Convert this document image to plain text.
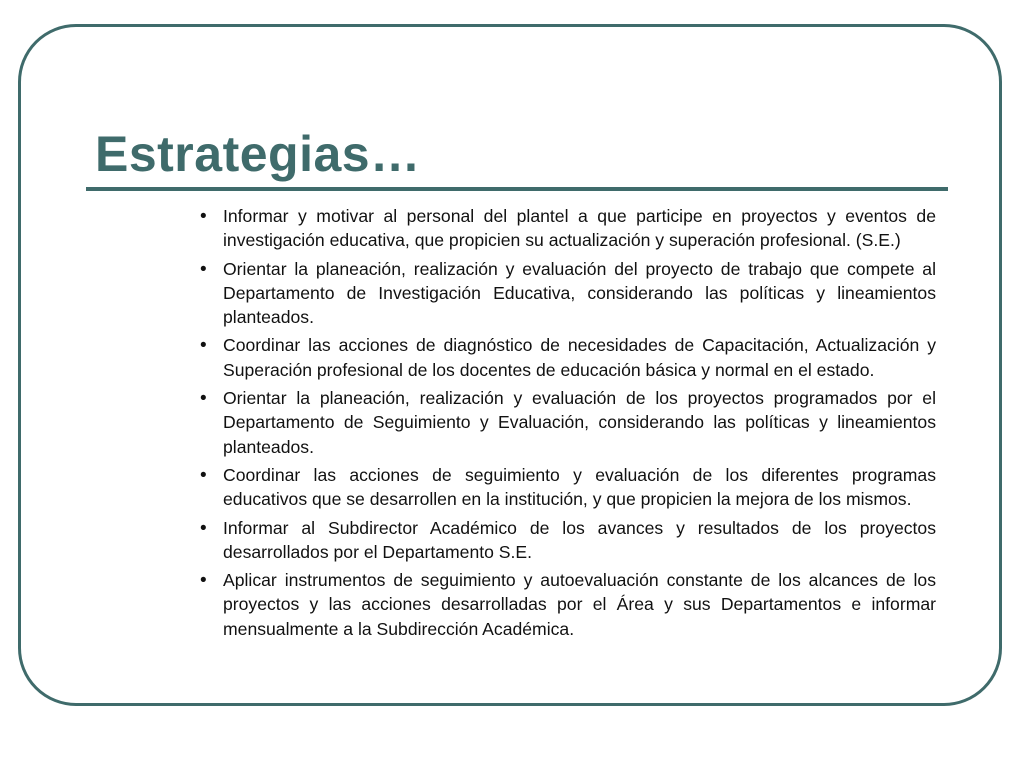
Estrategias…
• Informar y motivar al personal del plantel a que participe en proyectos y eventos de investigación educativa, que propicien su actualización y superación profesional. (S.E.)
• Orientar la planeación, realización y evaluación del proyecto de trabajo que compete al Departamento de Investigación Educativa, considerando las políticas y lineamientos planteados.
• Coordinar las acciones de diagnóstico de necesidades de Capacitación, Actualización y Superación profesional de los docentes de educación básica y normal en el estado.
• Orientar la planeación, realización y evaluación de los proyectos programados por el Departamento de Seguimiento y Evaluación, considerando las políticas y lineamientos planteados.
• Coordinar las acciones de seguimiento y evaluación de los diferentes programas educativos que se desarrollen en la institución, y que propicien la mejora de los mismos.
• Informar al Subdirector Académico de los avances y resultados de los proyectos desarrollados por el Departamento S.E.
• Aplicar instrumentos de seguimiento y autoevaluación constante de los alcances de los proyectos y las acciones desarrolladas por el Área y sus Departamentos e informar mensualmente a la Subdirección Académica.
